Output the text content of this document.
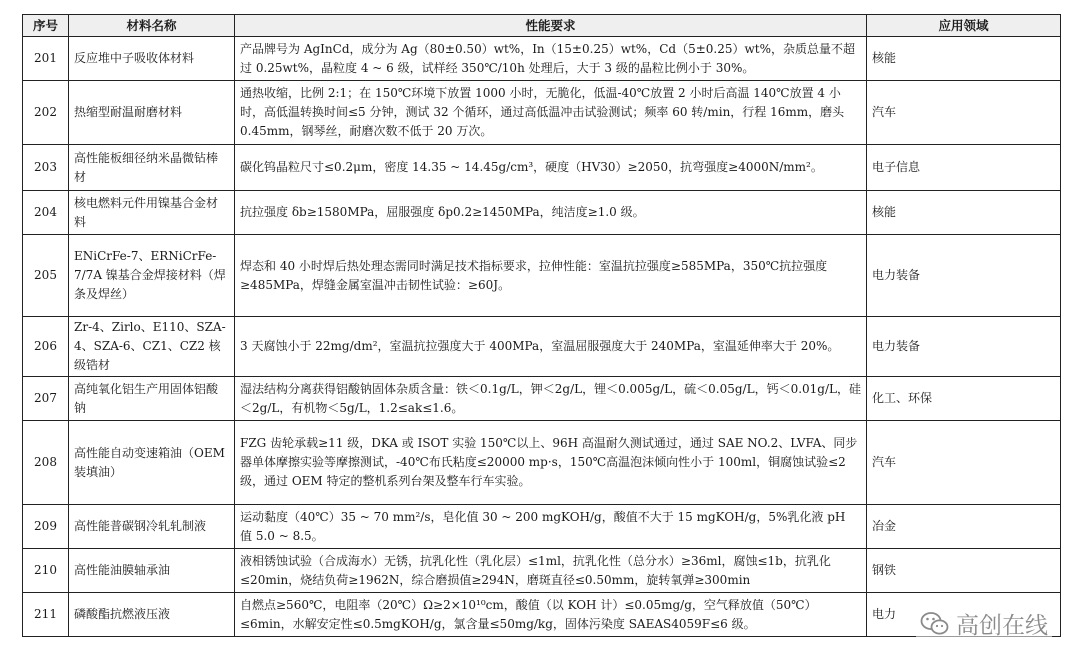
序号	材料名称	性能要求	应用领域
201	反应堆中子吸收体材料	产品牌号为 AgInCd，成分为 Ag（80±0.50）wt%，In（15±0.25）wt%，Cd（5±0.25）wt%，杂质总量不超过 0.25wt%，晶粒度 4 ~ 6 级，试样经 350℃/10h 处理后，大于 3 级的晶粒比例小于 30%。	核能
202	热缩型耐温耐磨材料	通热收缩，比例 2:1；在 150℃环境下放置 1000 小时，无脆化，低温-40℃放置 2 小时后高温 140℃放置 4 小时，高低温转换时间≤5 分钟，测试 32 个循环，通过高低温冲击试验测试；频率 60 转/min，行程 16mm，磨头 0.45mm，钢琴丝，耐磨次数不低于 20 万次。	汽车
203	高性能板细径纳米晶微钻棒材	碳化钨晶粒尺寸≤0.2μm，密度 14.35 ~ 14.45g/cm³，硬度（HV30）≥2050，抗弯强度≥4000N/mm²。	电子信息
204	核电燃料元件用镍基合金材料	抗拉强度 δb≥1580MPa，屈服强度 δp0.2≥1450MPa，纯洁度≥1.0 级。	核能
205	ENiCrFe-7、ERNiCrFe-7/7A 镍基合金焊接材料（焊条及焊丝）	焊态和 40 小时焊后热处理态需同时满足技术指标要求，拉伸性能：室温抗拉强度≥585MPa，350℃抗拉强度≥485MPa，焊缝金属室温冲击韧性试验：≥60J。	电力装备
206	Zr-4、Zirlo、E110、SZA-4、SZA-6、CZ1、CZ2 核级锆材	3 天腐蚀小于 22mg/dm²，室温抗拉强度大于 400MPa，室温屈服强度大于 240MPa，室温延伸率大于 20%。	电力装备
207	高纯氧化铝生产用固体铝酸钠	湿法结构分离获得铝酸钠固体杂质含量：铁＜0.1g/L，钾＜2g/L，锂＜0.005g/L，硫＜0.05g/L，钙＜0.01g/L，硅＜2g/L，有机物＜5g/L，1.2≤ak≤1.6。	化工、环保
208	高性能自动变速箱油（OEM 装填油）	FZG 齿轮承载≥11 级，DKA 或 ISOT 实验 150℃以上、96H 高温耐久测试通过，通过 SAE NO.2、LVFA、同步器单体摩擦实验等摩擦测试，-40℃布氏粘度≤20000 mp·s，150℃高温泡沫倾向性小于 100ml，铜腐蚀试验≤2 级，通过 OEM 特定的整机系列台架及整车行车实验。	汽车
209	高性能普碳钢冷轧轧制液	运动黏度（40℃）35 ~ 70 mm²/s，皂化值 30 ~ 200 mgKOH/g，酸值不大于 15 mgKOH/g，5%乳化液 pH 值 5.0 ~ 8.5。	冶金
210	高性能油膜轴承油	液相锈蚀试验（合成海水）无锈，抗乳化性（乳化层）≤1ml，抗乳化性（总分水）≥36ml，腐蚀≤1b，抗乳化≤20min，烧结负荷≥1962N，综合磨损值≥294N，磨斑直径≤0.50mm，旋转氧弹≥300min	钢铁
211	磷酸酯抗燃液压液	自燃点≥560℃，电阻率（20℃）Ω≥2×10¹⁰cm，酸值（以 KOH 计）≤0.05mg/g，空气释放值（50℃）≤6min，水解安定性≤0.5mgKOH/g，氯含量≤50mg/kg，固体污染度 SAEAS4059F≤6 级。	电力	高创在线
